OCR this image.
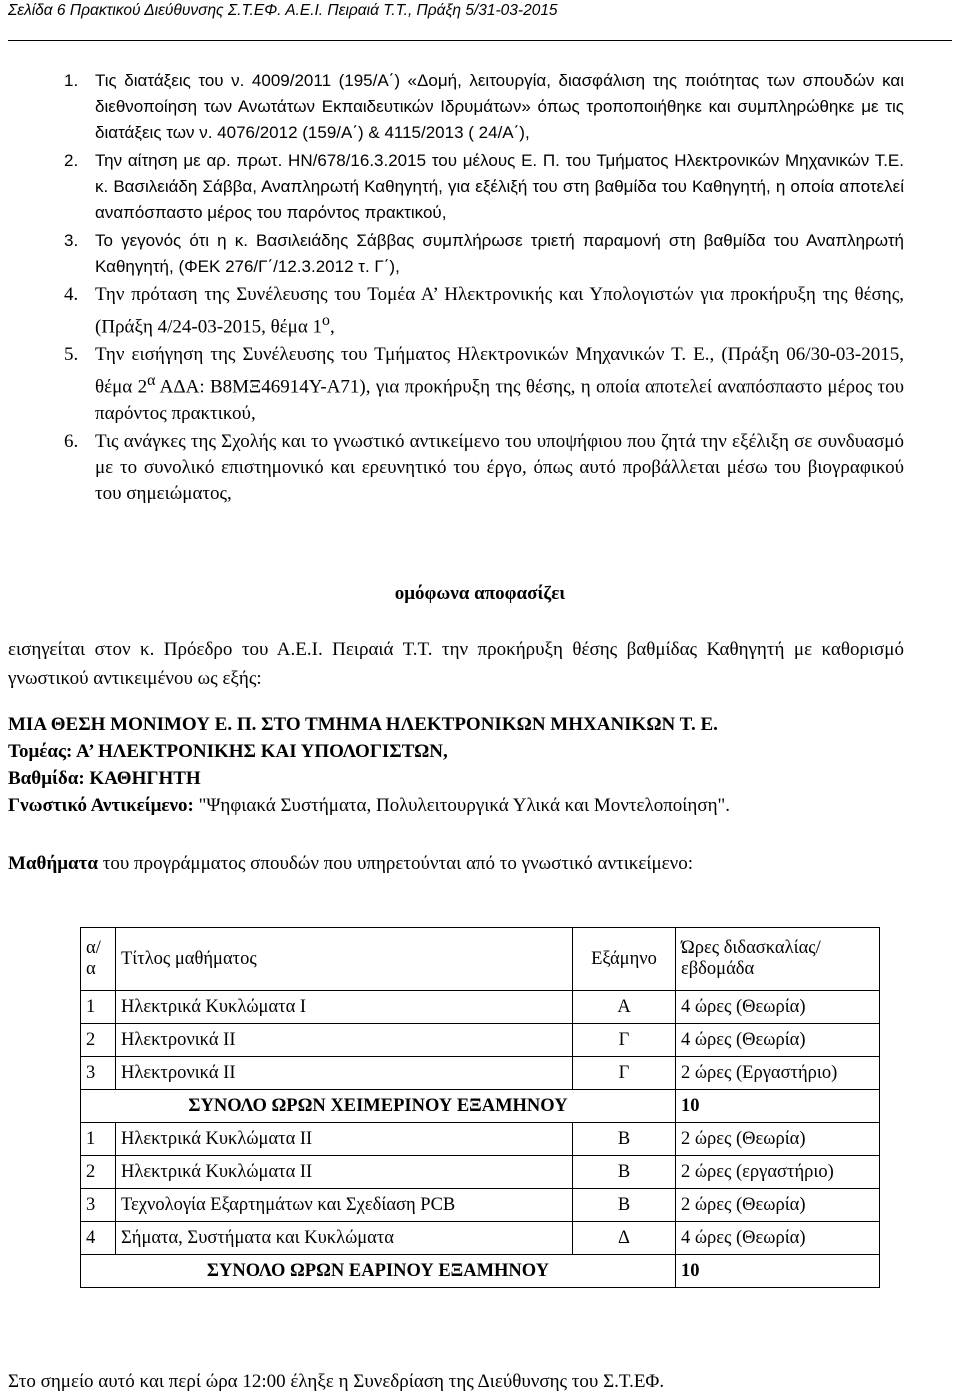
Σελίδα 6 Πρακτικού Διεύθυνσης Σ.Τ.ΕΦ. Α.Ε.Ι. Πειραιά Τ.Τ., Πράξη 5/31-03-2015
1. Τις διατάξεις του ν. 4009/2011 (195/Α΄) «Δομή, λειτουργία, διασφάλιση της ποιότητας των σπουδών και διεθνοποίηση των Ανωτάτων Εκπαιδευτικών Ιδρυμάτων» όπως τροποποιήθηκε και συμπληρώθηκε με τις διατάξεις των ν. 4076/2012 (159/Α΄) & 4115/2013 ( 24/Α΄),
2. Την αίτηση με αρ. πρωτ. ΗΝ/678/16.3.2015 του μέλους Ε. Π. του Τμήματος Ηλεκτρονικών Μηχανικών Τ.Ε. κ. Βασιλειάδη Σάββα, Αναπληρωτή Καθηγητή, για εξέλιξή του στη βαθμίδα του Καθηγητή, η οποία αποτελεί αναπόσπαστο μέρος του παρόντος πρακτικού,
3. Το γεγονός ότι η κ. Βασιλειάδης Σάββας συμπλήρωσε τριετή παραμονή στη βαθμίδα του Αναπληρωτή Καθηγητή, (ΦΕΚ 276/Γ΄/12.3.2012 τ. Γ΄),
4. Την πρόταση της Συνέλευσης του Τομέα Α’ Ηλεκτρονικής και Υπολογιστών για προκήρυξη της θέσης, (Πράξη 4/24-03-2015, θέμα $1^o$,
5. Την εισήγηση της Συνέλευσης του Τμήματος Ηλεκτρονικών Μηχανικών Τ. Ε., (Πράξη 06/30-03-2015, θέμα $2^\alpha$ ΑΔΑ: Β8ΜΞ46914Υ-Α71), για προκήρυξη της θέσης, η οποία αποτελεί αναπόσπαστο μέρος του παρόντος πρακτικού,
6. Τις ανάγκες της Σχολής και το γνωστικό αντικείμενο του υποψήφιου που ζητά την εξέλιξη σε συνδυασμό με το συνολικό επιστημονικό και ερευνητικό του έργο, όπως αυτό προβάλλεται μέσω του βιογραφικού του σημειώματος,
ομόφωνα αποφασίζει

εισηγείται στον κ. Πρόεδρο του Α.Ε.Ι. Πειραιά Τ.Τ. την προκήρυξη θέσης βαθμίδας Καθηγητή με καθορισμό γνωστικού αντικειμένου ως εξής:

ΜΙΑ ΘΕΣΗ ΜΟΝΙΜΟΥ Ε. Π. ΣΤΟ ΤΜΗΜΑ ΗΛΕΚΤΡΟΝΙΚΩΝ ΜΗΧΑΝΙΚΩΝ Τ. Ε.
Τομέας: Α’ ΗΛΕΚΤΡΟΝΙΚΗΣ ΚΑΙ ΥΠΟΛΟΓΙΣΤΩΝ,
Βαθμίδα: ΚΑΘΗΓΗΤΗ
Γνωστικό Αντικείμενο: "Ψηφιακά Συστήματα, Πολυλειτουργικά Υλικά και Μοντελοποίηση".

Μαθήματα του προγράμματος σπουδών που υπηρετούνται από το γνωστικό αντικείμενο:

α/α	Τίτλος μαθήματος	Εξάμηνο	Ώρες διδασκαλίας/εβδομάδα
1	Ηλεκτρικά Κυκλώματα Ι	Α	4 ώρες (Θεωρία)
2	Ηλεκτρονικά ΙΙ	Γ	4 ώρες (Θεωρία)
3	Ηλεκτρονικά ΙΙ	Γ	2 ώρες (Εργαστήριο)
ΣΥΝΟΛΟ ΩΡΩΝ ΧΕΙΜΕΡΙΝΟΥ ΕΞΑΜΗΝΟΥ			10
1	Ηλεκτρικά Κυκλώματα ΙΙ	Β	2 ώρες (Θεωρία)
2	Ηλεκτρικά Κυκλώματα ΙΙ	Β	2 ώρες (εργαστήριο)
3	Τεχνολογία Εξαρτημάτων και Σχεδίαση PCB	Β	2 ώρες (Θεωρία)
4	Σήματα, Συστήματα και Κυκλώματα	Δ	4 ώρες (Θεωρία)
ΣΥΝΟΛΟ ΩΡΩΝ ΕΑΡΙΝΟΥ ΕΞΑΜΗΝΟΥ			10

Στο σημείο αυτό και περί ώρα 12:00 έληξε η Συνεδρίαση της Διεύθυνσης του Σ.Τ.ΕΦ.
